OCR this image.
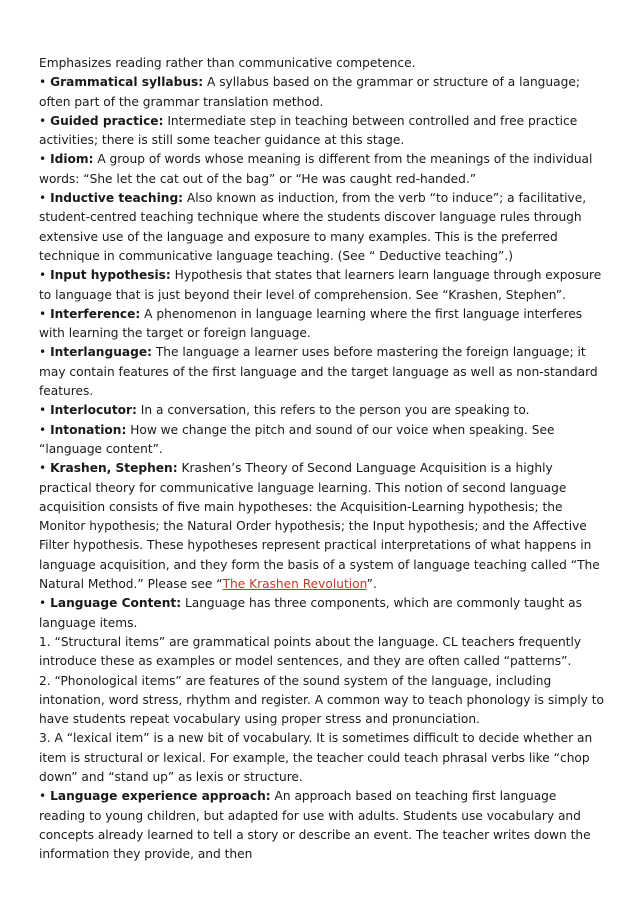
Emphasizes reading rather than communicative competence.

• Grammatical syllabus: A syllabus based on the grammar or structure of a language; often part of the grammar translation method.

• Guided practice: Intermediate step in teaching between controlled and free practice activities; there is still some teacher guidance at this stage.

• Idiom: A group of words whose meaning is different from the meanings of the individual words: “She let the cat out of the bag” or “He was caught red-handed.”

• Inductive teaching: Also known as induction, from the verb “to induce”; a facilitative, student-centred teaching technique where the students discover language rules through extensive use of the language and exposure to many examples. This is the preferred technique in communicative language teaching. (See “ Deductive teaching”.)

• Input hypothesis: Hypothesis that states that learners learn language through exposure to language that is just beyond their level of comprehension. See “Krashen, Stephen”.

• Interference: A phenomenon in language learning where the first language interferes with learning the target or foreign language.

• Interlanguage: The language a learner uses before mastering the foreign language; it may contain features of the first language and the target language as well as non-standard features.

• Interlocutor: In a conversation, this refers to the person you are speaking to.

• Intonation: How we change the pitch and sound of our voice when speaking. See “language content”.

• Krashen, Stephen: Krashen’s Theory of Second Language Acquisition is a highly practical theory for communicative language learning. This notion of second language acquisition consists of five main hypotheses: the Acquisition-Learning hypothesis; the Monitor hypothesis; the Natural Order hypothesis; the Input hypothesis; and the Affective Filter hypothesis. These hypotheses represent practical interpretations of what happens in language acquisition, and they form the basis of a system of language teaching called “The Natural Method.” Please see “The Krashen Revolution”.

• Language Content: Language has three components, which are commonly taught as language items.

1. “Structural items” are grammatical points about the language. CL teachers frequently introduce these as examples or model sentences, and they are often called “patterns”.

2. “Phonological items” are features of the sound system of the language, including intonation, word stress, rhythm and register. A common way to teach phonology is simply to have students repeat vocabulary using proper stress and pronunciation.

3. A “lexical item” is a new bit of vocabulary. It is sometimes difficult to decide whether an item is structural or lexical. For example, the teacher could teach phrasal verbs like “chop down” and “stand up” as lexis or structure.

• Language experience approach: An approach based on teaching first language reading to young children, but adapted for use with adults. Students use vocabulary and concepts already learned to tell a story or describe an event. The teacher writes down the information they provide, and then
